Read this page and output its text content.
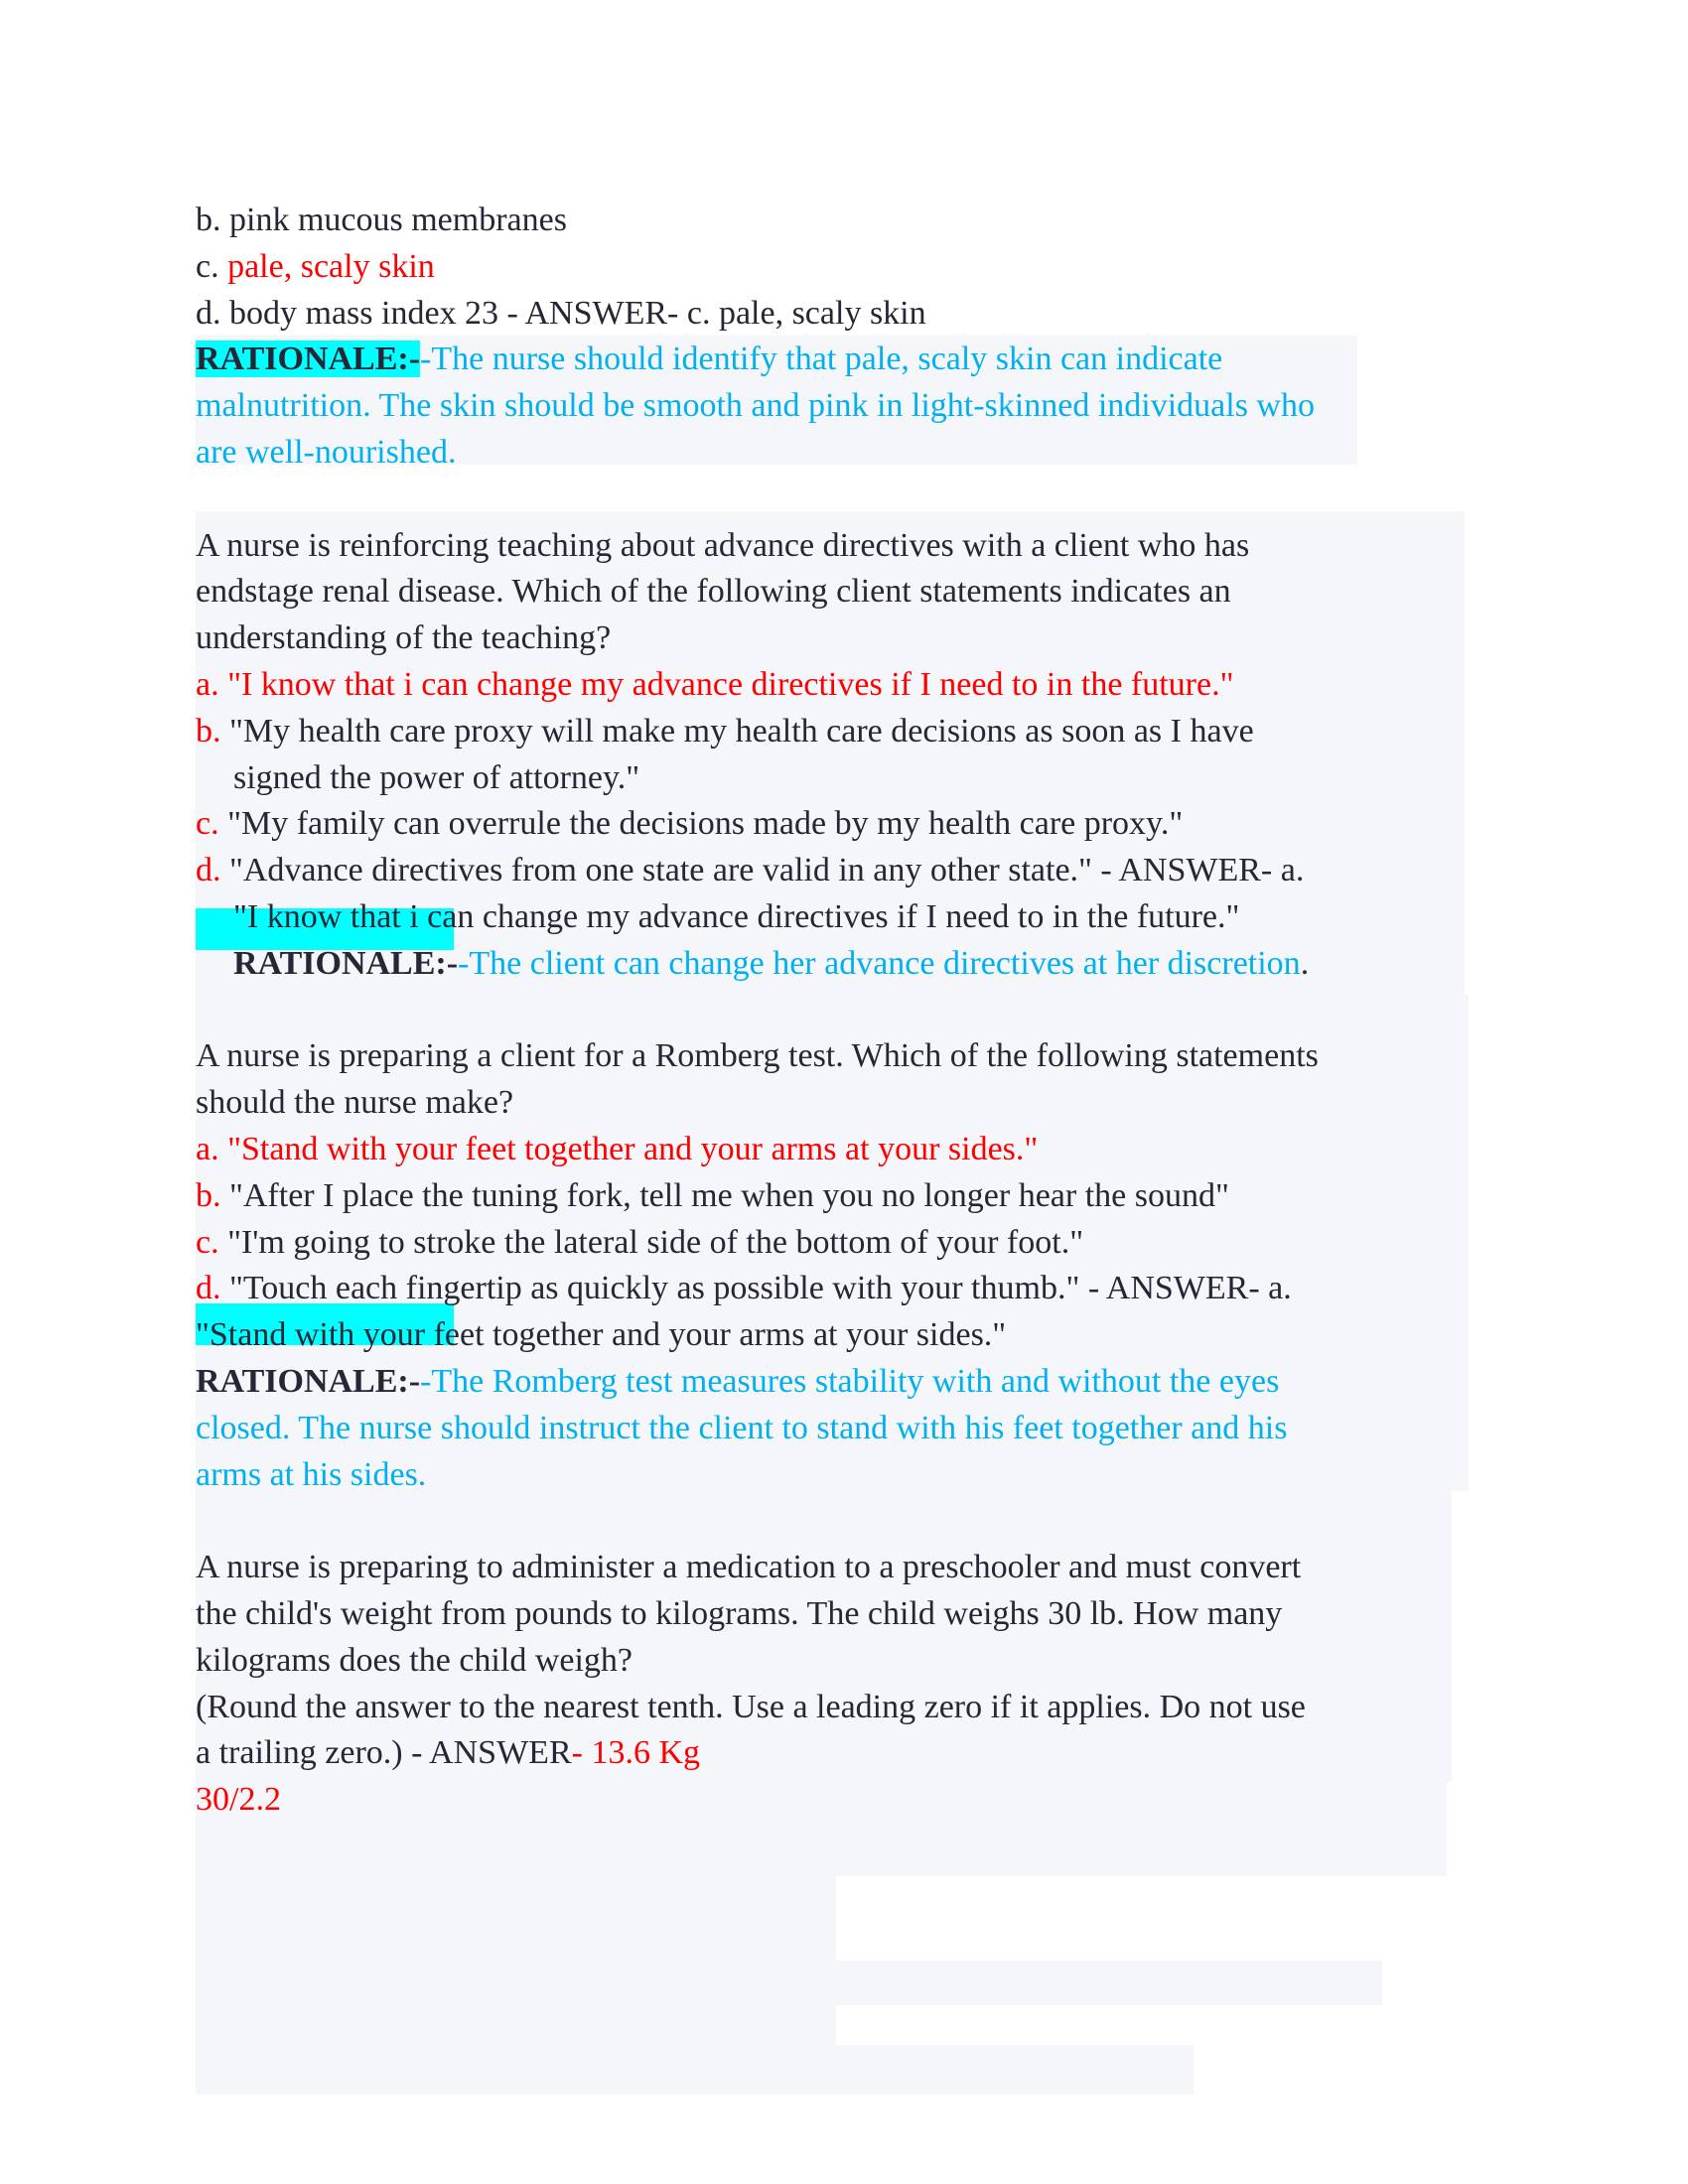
b. pink mucous membranes
c. pale, scaly skin
d. body mass index 23 - ANSWER- c. pale, scaly skin
RATIONALE:--The nurse should identify that pale, scaly skin can indicate
malnutrition. The skin should be smooth and pink in light-skinned individuals who
are well-nourished.
A nurse is reinforcing teaching about advance directives with a client who has
endstage renal disease. Which of the following client statements indicates an
understanding of the teaching?
a. "I know that i can change my advance directives if I need to in the future."
b. "My health care proxy will make my health care decisions as soon as I have
signed the power of attorney."
c. "My family can overrule the decisions made by my health care proxy."
d. "Advance directives from one state are valid in any other state." - ANSWER- a.
"I know that i can change my advance directives if I need to in the future."
RATIONALE:--The client can change her advance directives at her discretion.
A nurse is preparing a client for a Romberg test. Which of the following statements
should the nurse make?
a. "Stand with your feet together and your arms at your sides."
b. "After I place the tuning fork, tell me when you no longer hear the sound"
c. "I'm going to stroke the lateral side of the bottom of your foot."
d. "Touch each fingertip as quickly as possible with your thumb." - ANSWER- a.
"Stand with your feet together and your arms at your sides."
RATIONALE:--The Romberg test measures stability with and without the eyes
closed. The nurse should instruct the client to stand with his feet together and his
arms at his sides.
A nurse is preparing to administer a medication to a preschooler and must convert
the child's weight from pounds to kilograms. The child weighs 30 lb. How many
kilograms does the child weigh?
(Round the answer to the nearest tenth. Use a leading zero if it applies. Do not use
a trailing zero.) - ANSWER- 13.6 Kg
30/2.2
